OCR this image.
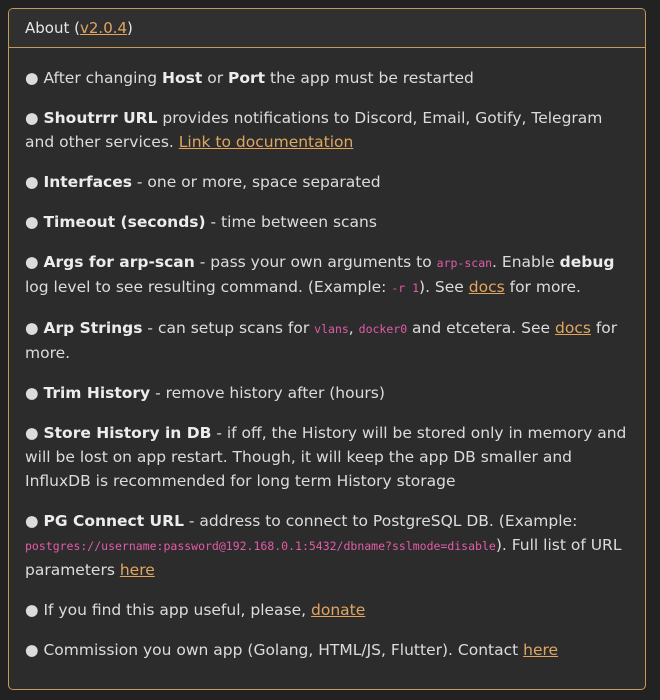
About (v2.0.4)

● After changing Host or Port the app must be restarted

● Shoutrrr URL provides notifications to Discord, Email, Gotify, Telegram and other services. Link to documentation

● Interfaces - one or more, space separated

● Timeout (seconds) - time between scans

● Args for arp-scan - pass your own arguments to arp-scan. Enable debug log level to see resulting command. (Example: -r 1). See docs for more.

● Arp Strings - can setup scans for vlans, docker0 and etcetera. See docs for more.

● Trim History - remove history after (hours)

● Store History in DB - if off, the History will be stored only in memory and will be lost on app restart. Though, it will keep the app DB smaller and InfluxDB is recommended for long term History storage

● PG Connect URL - address to connect to PostgreSQL DB. (Example: postgres://username:password@192.168.0.1:5432/dbname?sslmode=disable). Full list of URL parameters here

● If you find this app useful, please, donate

● Commission you own app (Golang, HTML/JS, Flutter). Contact here
